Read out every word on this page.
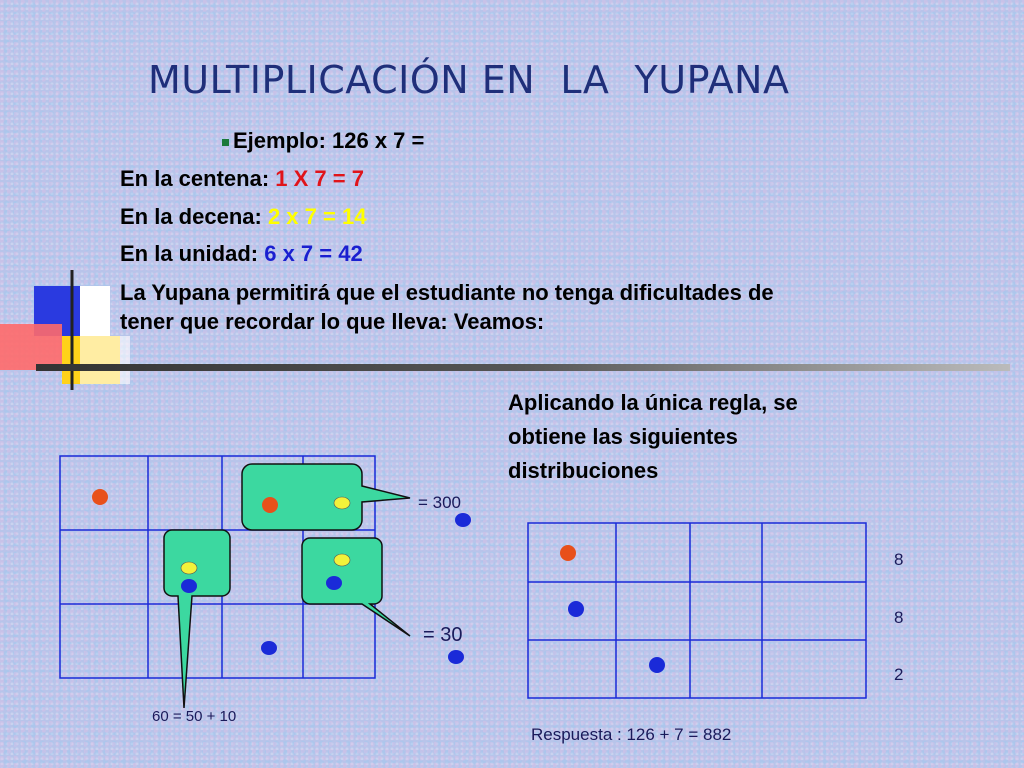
MULTIPLICACIÓN EN  LA  YUPANA
Ejemplo: 126 x 7 =
En la centena: 1 X 7 = 7
En la decena: 2 x 7 = 14
En la unidad: 6 x 7 = 42
La Yupana permitirá que el estudiante no tenga dificultades de
tener que recordar lo que lleva: Veamos:
Aplicando la única regla, se
obtiene las siguientes
distribuciones
= 300
= 30
60 = 50 + 10
8
8
2
Respuesta : 126 + 7 = 882
